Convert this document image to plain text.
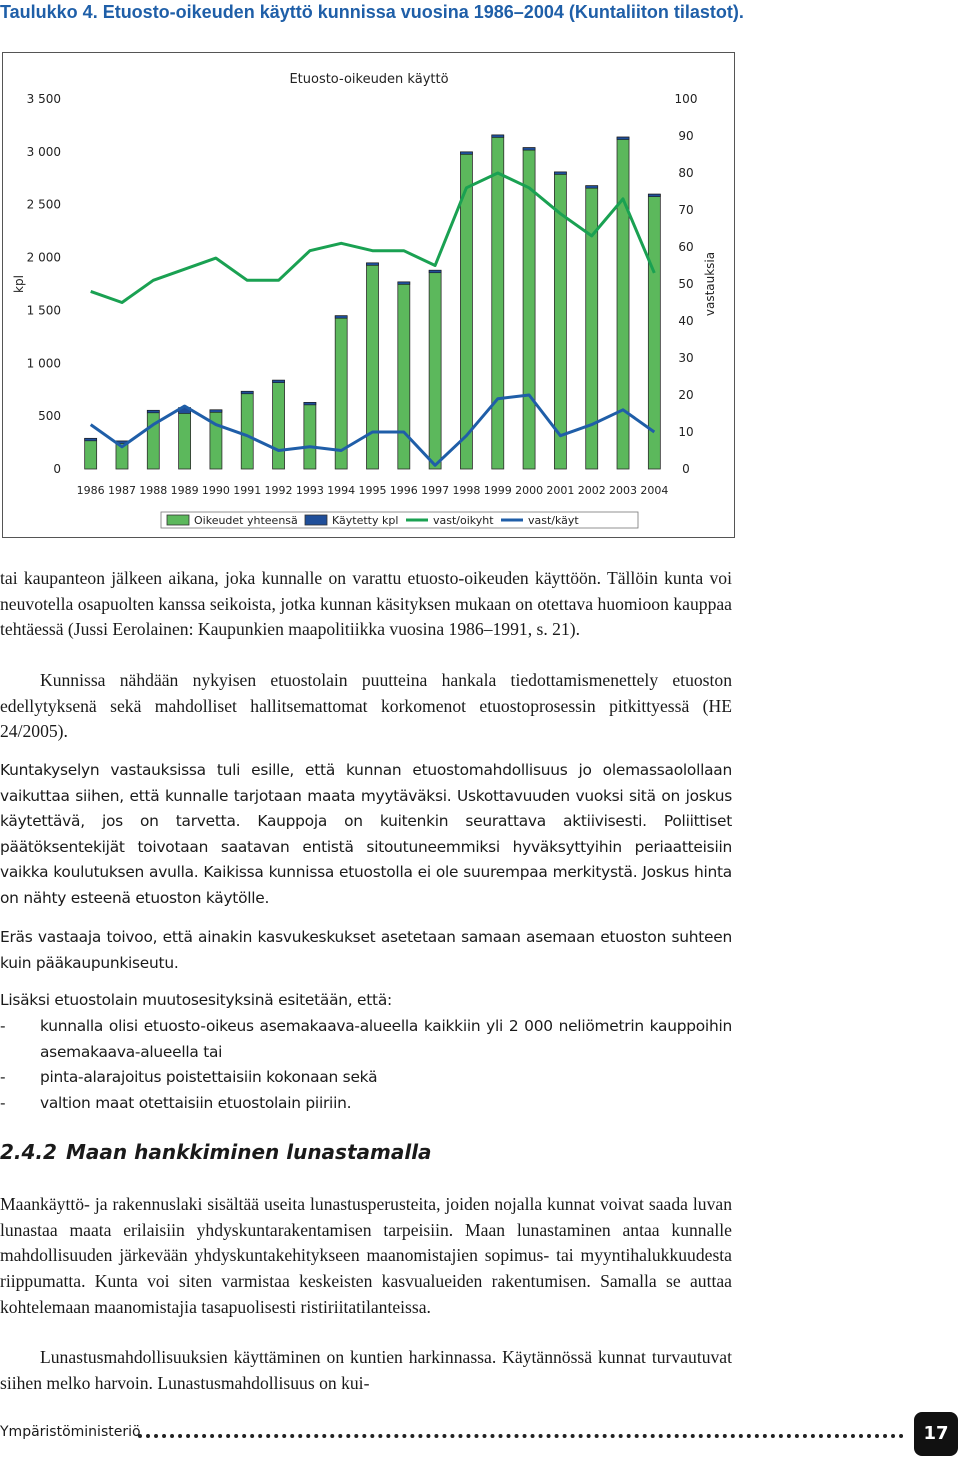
Taulukko 4. Etuosto-oikeuden käyttö kunnissa vuosina 1986–2004 (Kuntaliiton tilastot).
Etuosto-oikeuden käyttö
0
500
1 000
1 500
2 000
2 500
3 000
3 500
0
10
20
30
40
50
60
70
80
90
100
kpl	vastauksia
1986 1987 1988 1989 1990 1991 1992 1993 1994 1995 1996 1997 1998 1999 2000 2001 2002 2003 2004
Oikeudet yhteensä	Käytetty kpl	vast/oikyht	vast/käyt

tai kaupanteon jälkeen aikana, joka kunnalle on varattu etuosto-oikeuden käyttöön. Tällöin kunta voi neuvotella osapuolten kanssa seikoista, jotka kunnan käsityksen mukaan on otettava huomioon kauppaa tehtäessä (Jussi Eerolainen: Kaupunkien maapolitiikka vuosina 1986–1991, s. 21).

Kunnissa nähdään nykyisen etuostolain puutteina hankala tiedottamismenettely etuoston edellytyksenä sekä mahdolliset hallitsemattomat korkomenot etuostoprosessin pitkittyessä (HE 24/2005).

Kuntakyselyn vastauksissa tuli esille, että kunnan etuostomahdollisuus jo olemassaolollaan vaikuttaa siihen, että kunnalle tarjotaan maata myytäväksi. Uskottavuuden vuoksi sitä on joskus käytettävä, jos on tarvetta. Kauppoja on kuitenkin seurattava aktiivisesti. Poliittiset päätöksentekijät toivotaan saatavan entistä sitoutuneemmiksi hyväksyttyihin periaatteisiin vaikka koulutuksen avulla. Kaikissa kunnissa etuostolla ei ole suurempaa merkitystä. Joskus hinta on nähty esteenä etuoston käytölle.

Eräs vastaaja toivoo, että ainakin kasvukeskukset asetetaan samaan asemaan etuoston suhteen kuin pääkaupunkiseutu.

Lisäksi etuostolain muutosesityksinä esitetään, että:

- kunnalla olisi etuosto-oikeus asemakaava-alueella kaikkiin yli 2 000 neliömetrin kauppoihin asemakaava-alueella tai
- pinta-alarajoitus poistettaisiin kokonaan sekä
- valtion maat otettaisiin etuostolain piiriin.
2.4.2 Maan hankkiminen lunastamalla

Maankäyttö- ja rakennuslaki sisältää useita lunastusperusteita, joiden nojalla kunnat voivat saada luvan lunastaa maata erilaisiin yhdyskuntarakentamisen tarpeisiin. Maan lunastaminen antaa kunnalle mahdollisuuden järkevään yhdyskuntakehitykseen maanomistajien sopimus- tai myyntihalukkuudesta riippumatta. Kunta voi siten varmistaa keskeisten kasvualueiden rakentumisen. Samalla se auttaa kohtelemaan maanomistajia tasapuolisesti ristiriitatilanteissa.

Lunastusmahdollisuuksien käyttäminen on kuntien harkinnassa. Käytännössä kunnat turvautuvat siihen melko harvoin. Lunastusmahdollisuus on kui-

Ympäristöministeriö	17
